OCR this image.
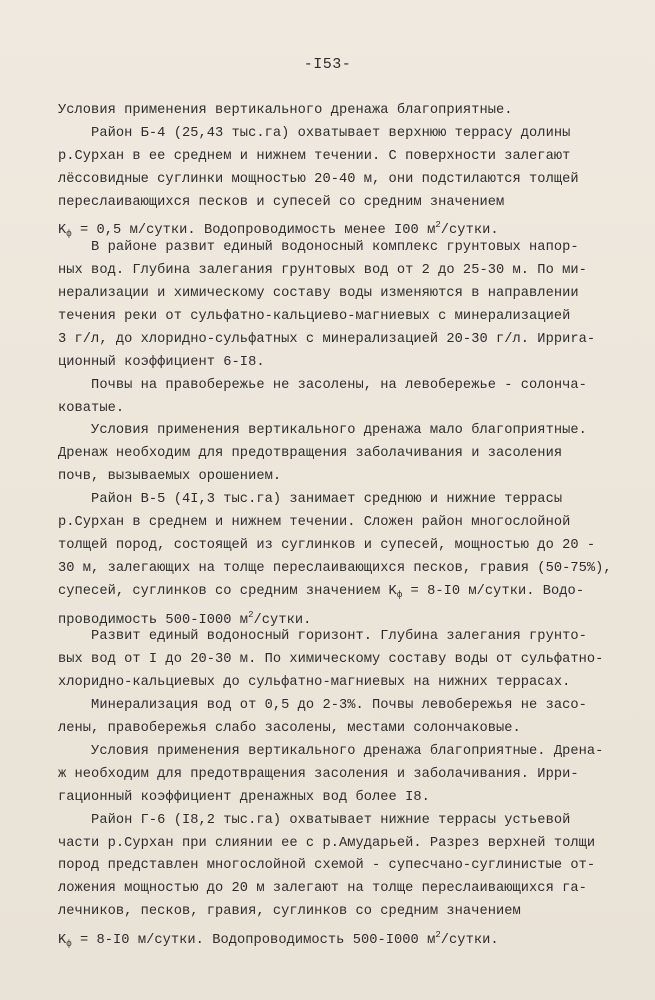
-I53-
Условия применения вертикального дренажа благоприятные.
Район Б-4 (25,43 тыс.га) охватывает верхнюю террасу долины
р.Сурхан в ее среднем и нижнем течении. С поверхности залегают
лёссовидные суглинки мощностью 20-40 м, они подстилаются толщей
переслаивающихся песков и супесей со средним значением
$K_ф = 0,5$ м/сутки. Водопроводимость менее I00 $м^2$/сутки.
В районе развит единый водоносный комплекс грунтовых напор-
ных вод. Глубина залегания грунтовых вод от 2 до 25-30 м. По ми-
нерализации и химическому составу воды изменяются в направлении
течения реки от сульфатно-кальциево-магниевых с минерализацией
3 г/л, до хлоридно-сульфатных с минерализацией 20-30 г/л. Ирриrа-
ционный коэффициент 6-I8.
Почвы на правобережье не засолены, на левобережье - солонча-
коватые.
Условия применения вертикального дренажа мало благоприятные.
Дренаж необходим для предотвращения заболачивания и засоления
почв, вызываемых орошением.
Район В-5 (4I,3 тыс.га) занимает среднюю и нижние террасы
р.Сурхан в среднем и нижнем течении. Сложен район многослойной
толщей пород, состоящей из суглинков и супесей, мощностью до 20 -
30 м, залегающих на толще переслаивающихся песков, гравия (50-75%),
супесей, суглинков со средним значением $K_ф = 8-I0$ м/сутки. Водо-
проводимость 500-I000 $м^2$/сутки.
Развит единый водоносный горизонт. Глубина залегания грунто-
вых вод от I до 20-30 м. По химическому составу воды от сульфатно-
хлоридно-кальциевых до сульфатно-магниевых на нижних террасах.
Минерализация вод от 0,5 до 2-3%. Почвы левобережья не засо-
лены, правобережья слабо засолены, местами солончаковые.
Условия применения вертикального дренажа благоприятные. Дрена-
ж необходим для предотвращения засоления и заболачивания. Ирри-
гационный коэффициент дренажных вод более I8.
Район Г-6 (I8,2 тыс.га) охватывает нижние террасы устьевой
части р.Сурхан при слиянии ее с р.Амударьей. Разрез верхней толщи
пород представлен многослойной схемой - супесчано-суглинистые от-
ложения мощностью до 20 м залегают на толще переслаивающихся га-
лечников, песков, гравия, суглинков со средним значением
$K_ф = 8-I0$ м/сутки. Водопроводимость 500-I000 $м^2$/сутки.
